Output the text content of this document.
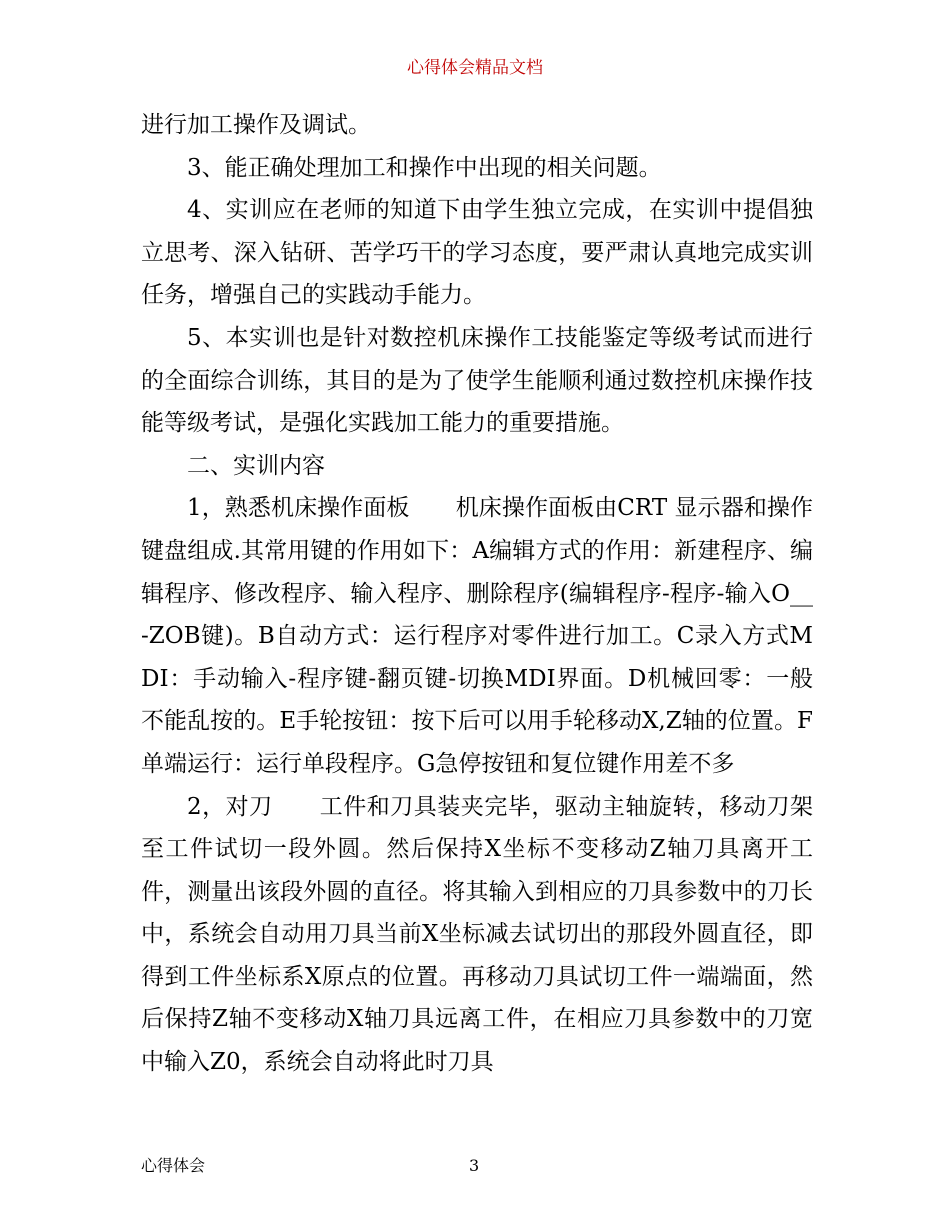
心得体会精品文档

进行加工操作及调试。

3、能正确处理加工和操作中出现的相关问题。

4、实训应在老师的知道下由学生独立完成，在实训中提倡独立思考、深入钻研、苦学巧干的学习态度，要严肃认真地完成实训任务，增强自己的实践动手能力。

5、本实训也是针对数控机床操作工技能鉴定等级考试而进行的全面综合训练，其目的是为了使学生能顺利通过数控机床操作技能等级考试，是强化实践加工能力的重要措施。

二、实训内容

1，熟悉机床操作面板　　机床操作面板由CRT 显示器和操作键盘组成.其常用键的作用如下：A编辑方式的作用：新建程序、编辑程序、修改程序、输入程序、删除程序(编辑程序-程序-输入O__-ZOB键)。B自动方式：运行程序对零件进行加工。C录入方式MDI：手动输入-程序键-翻页键-切换MDI界面。D机械回零：一般不能乱按的。E手轮按钮：按下后可以用手轮移动X,Z轴的位置。F单端运行：运行单段程序。G急停按钮和复位键作用差不多

2，对刀　　工件和刀具装夹完毕，驱动主轴旋转，移动刀架至工件试切一段外圆。然后保持X坐标不变移动Z轴刀具离开工件，测量出该段外圆的直径。将其输入到相应的刀具参数中的刀长中，系统会自动用刀具当前X坐标减去试切出的那段外圆直径，即得到工件坐标系X原点的位置。再移动刀具试切工件一端端面，然后保持Z轴不变移动X轴刀具远离工件，在相应刀具参数中的刀宽中输入Z0，系统会自动将此时刀具

心得体会	3
